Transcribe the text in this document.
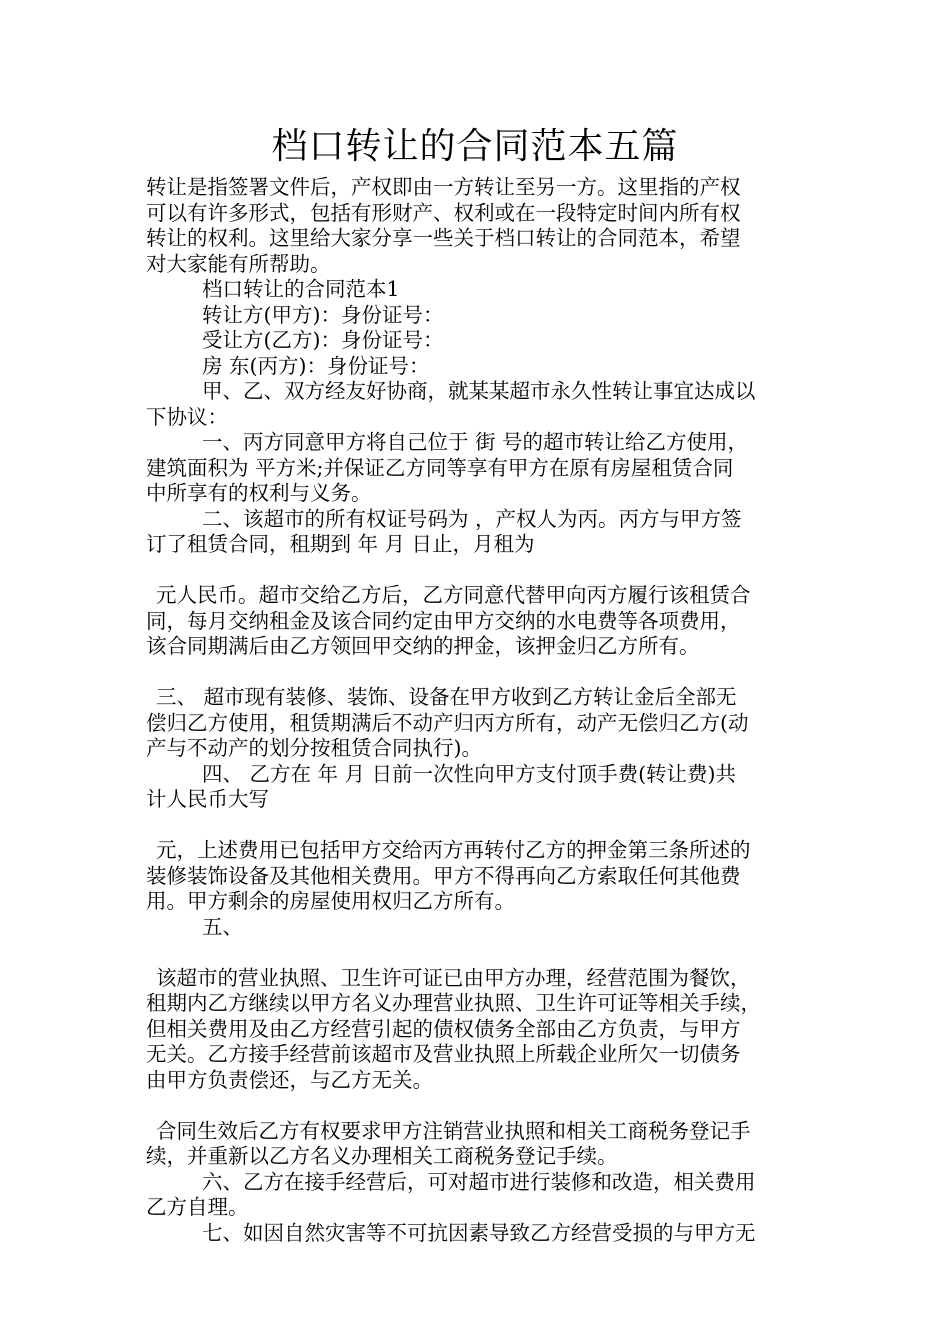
档口转让的合同范本五篇

转让是指签署文件后，产权即由一方转让至另一方。这里指的产权

可以有许多形式，包括有形财产、权利或在一段特定时间内所有权

转让的权利。这里给大家分享一些关于档口转让的合同范本，希望

对大家能有所帮助。

档口转让的合同范本1

转让方(甲方)：身份证号：

受让方(乙方)：身份证号：

房 东(丙方)：身份证号：

甲、乙、双方经友好协商，就某某超市永久性转让事宜达成以

下协议：

一、丙方同意甲方将自己位于 街 号的超市转让给乙方使用，

建筑面积为 平方米;并保证乙方同等享有甲方在原有房屋租赁合同

中所享有的权利与义务。

二、该超市的所有权证号码为 ，产权人为丙。丙方与甲方签

订了租赁合同，租期到 年 月 日止，月租为

元人民币。超市交给乙方后，乙方同意代替甲向丙方履行该租赁合

同，每月交纳租金及该合同约定由甲方交纳的水电费等各项费用，

该合同期满后由乙方领回甲交纳的押金，该押金归乙方所有。

三、 超市现有装修、装饰、设备在甲方收到乙方转让金后全部无

偿归乙方使用，租赁期满后不动产归丙方所有，动产无偿归乙方(动

产与不动产的划分按租赁合同执行)。

四、 乙方在 年 月 日前一次性向甲方支付顶手费(转让费)共

计人民币大写

元，上述费用已包括甲方交给丙方再转付乙方的押金第三条所述的

装修装饰设备及其他相关费用。甲方不得再向乙方索取任何其他费

用。甲方剩余的房屋使用权归乙方所有。

五、

该超市的营业执照、卫生许可证已由甲方办理，经营范围为餐饮，

租期内乙方继续以甲方名义办理营业执照、卫生许可证等相关手续，

但相关费用及由乙方经营引起的债权债务全部由乙方负责，与甲方

无关。乙方接手经营前该超市及营业执照上所载企业所欠一切债务

由甲方负责偿还，与乙方无关。

合同生效后乙方有权要求甲方注销营业执照和相关工商税务登记手

续，并重新以乙方名义办理相关工商税务登记手续。

六、乙方在接手经营后，可对超市进行装修和改造，相关费用

乙方自理。

七、如因自然灾害等不可抗因素导致乙方经营受损的与甲方无
